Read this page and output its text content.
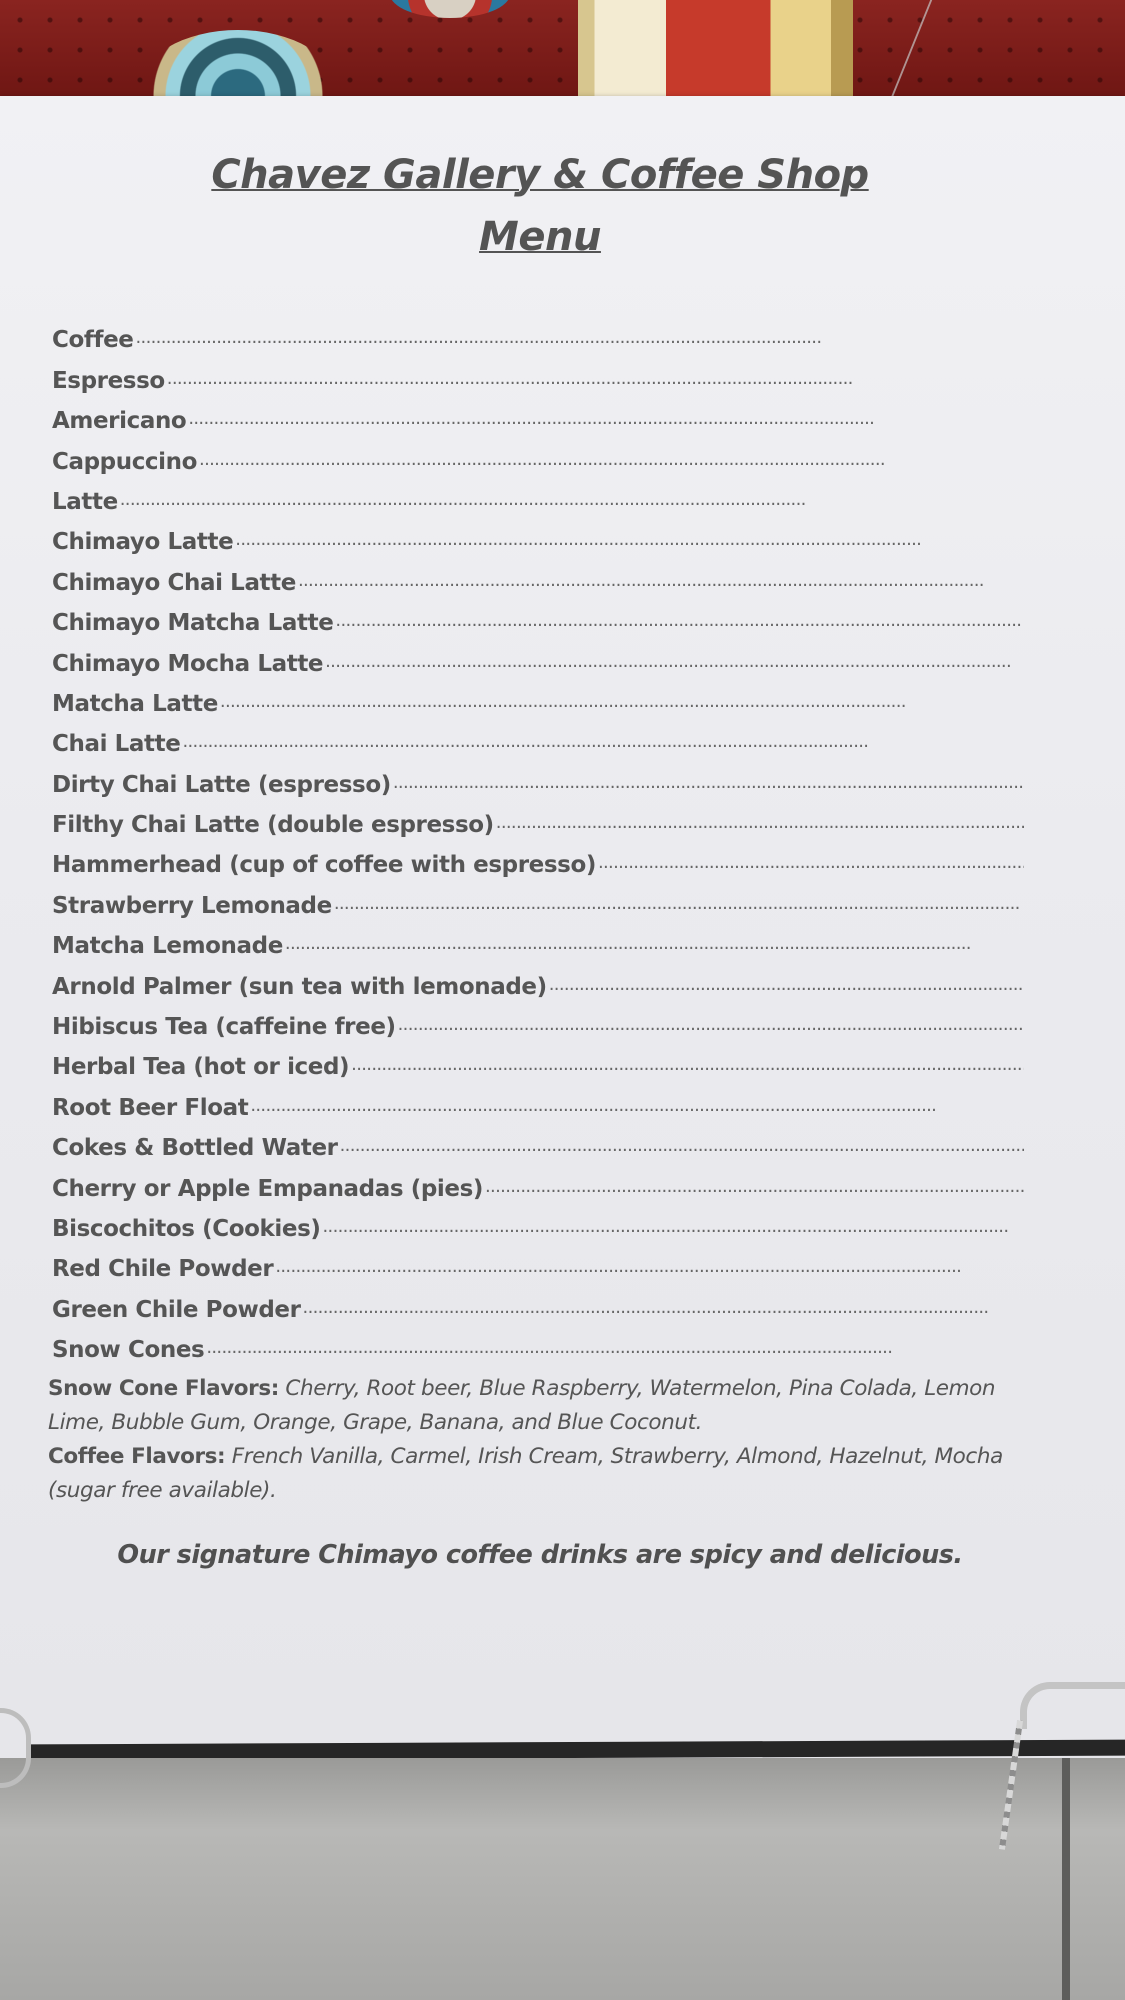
Chavez Gallery & Coffee Shop
Menu
Coffee
. . .
Espresso
. . .
Americano
. . .
Cappuccino
. . .
Latte
. . .
Chimayo Latte
. . .
Chimayo Chai Latte
. . .
Chimayo Matcha Latte
. . .
Chimayo Mocha Latte
. . .
Matcha Latte
. . .
Chai Latte
. . .
Dirty Chai Latte (espresso)
. . .
Filthy Chai Latte (double espresso)
. . .
Hammerhead (cup of coffee with espresso)
. . .
Strawberry Lemonade
. . .
Matcha Lemonade
. . .
Arnold Palmer (sun tea with lemonade)
. . .
Hibiscus Tea (caffeine free)
. . .
Herbal Tea (hot or iced)
. . .
Root Beer Float
. . .
Cokes & Bottled Water
. . .
Cherry or Apple Empanadas (pies)
. . .
Biscochitos (Cookies)
. . .
Red Chile Powder
. . .
Green Chile Powder
. . .
Snow Cones
. . .
Snow Cone Flavors: Cherry, Root beer, Blue Raspberry, Watermelon, Pina Colada, Lemon Lime, Bubble Gum, Orange, Grape, Banana, and Blue Coconut.
Coffee Flavors: French Vanilla, Carmel, Irish Cream, Strawberry, Almond, Hazelnut, Mocha (sugar free available).
Our signature Chimayo coffee drinks are spicy and delicious.
